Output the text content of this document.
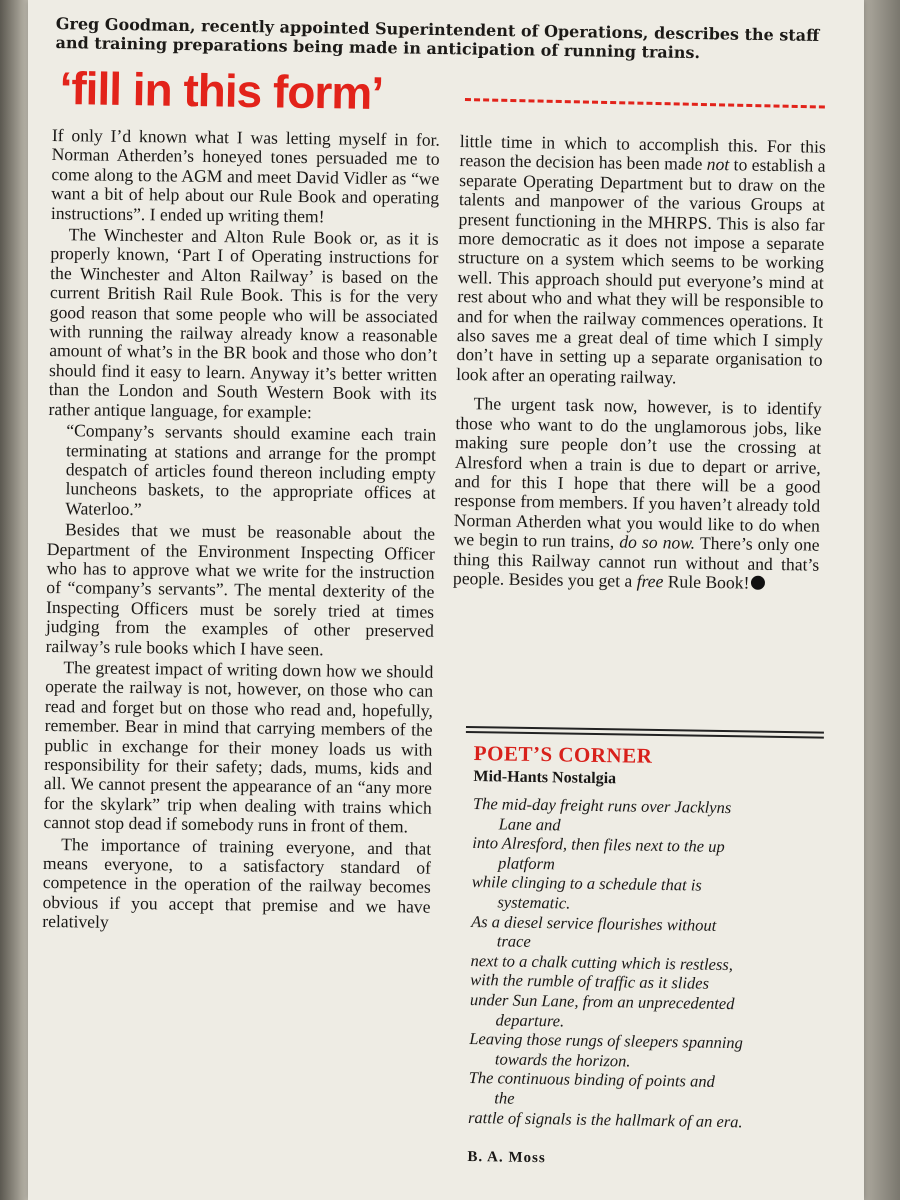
Greg Goodman, recently appointed Superintendent of Operations, describes the staff and training preparations being made in anticipation of running trains.
‘fill in this form’

If only I’d known what I was letting myself in for. Norman Atherden’s honeyed tones persuaded me to come along to the AGM and meet David Vidler as “we want a bit of help about our Rule Book and operating instructions”. I ended up writing them!

The Winchester and Alton Rule Book or, as it is properly known, ‘Part I of Operating instructions for the Winchester and Alton Railway’ is based on the current British Rail Rule Book. This is for the very good reason that some people who will be associated with running the railway already know a reasonable amount of what’s in the BR book and those who don’t should find it easy to learn. Anyway it’s better written than the London and South Western Book with its rather antique language, for example:

“Company’s servants should examine each train terminating at stations and arrange for the prompt despatch of articles found thereon including empty luncheons baskets, to the appropriate offices at Waterloo.”

Besides that we must be reasonable about the Department of the Environment Inspecting Officer who has to approve what we write for the instruction of “company’s servants”. The mental dexterity of the Inspecting Officers must be sorely tried at times judging from the examples of other preserved railway’s rule books which I have seen.

The greatest impact of writing down how we should operate the railway is not, however, on those who can read and forget but on those who read and, hopefully, remember. Bear in mind that carrying members of the public in exchange for their money loads us with responsibility for their safety; dads, mums, kids and all. We cannot present the appearance of an “any more for the skylark” trip when dealing with trains which cannot stop dead if somebody runs in front of them.

The importance of training everyone, and that means everyone, to a satisfactory standard of competence in the operation of the railway becomes obvious if you accept that premise and we have relatively

little time in which to accomplish this. For this reason the decision has been made not to establish a separate Operating Department but to draw on the talents and manpower of the various Groups at present functioning in the MHRPS. This is also far more democratic as it does not impose a separate structure on a system which seems to be working well. This approach should put everyone’s mind at rest about who and what they will be responsible to and for when the railway commences operations. It also saves me a great deal of time which I simply don’t have in setting up a separate organisation to look after an operating railway.

The urgent task now, however, is to identify those who want to do the unglamorous jobs, like making sure people don’t use the crossing at Alresford when a train is due to depart or arrive, and for this I hope that there will be a good response from members. If you haven’t already told Norman Atherden what you would like to do when we begin to run trains, do so now. There’s only one thing this Railway cannot run without and that’s people. Besides you get a free Rule Book!

POET’S CORNER
Mid-Hants Nostalgia
The mid-day freight runs over Jacklyns
Lane and
into Alresford, then files next to the up
platform
while clinging to a schedule that is
systematic.
As a diesel service flourishes without
trace
next to a chalk cutting which is restless,
with the rumble of traffic as it slides
under Sun Lane, from an unprecedented
departure.
Leaving those rungs of sleepers spanning
towards the horizon.
The continuous binding of points and
the
rattle of signals is the hallmark of an era.
B. A. Moss
